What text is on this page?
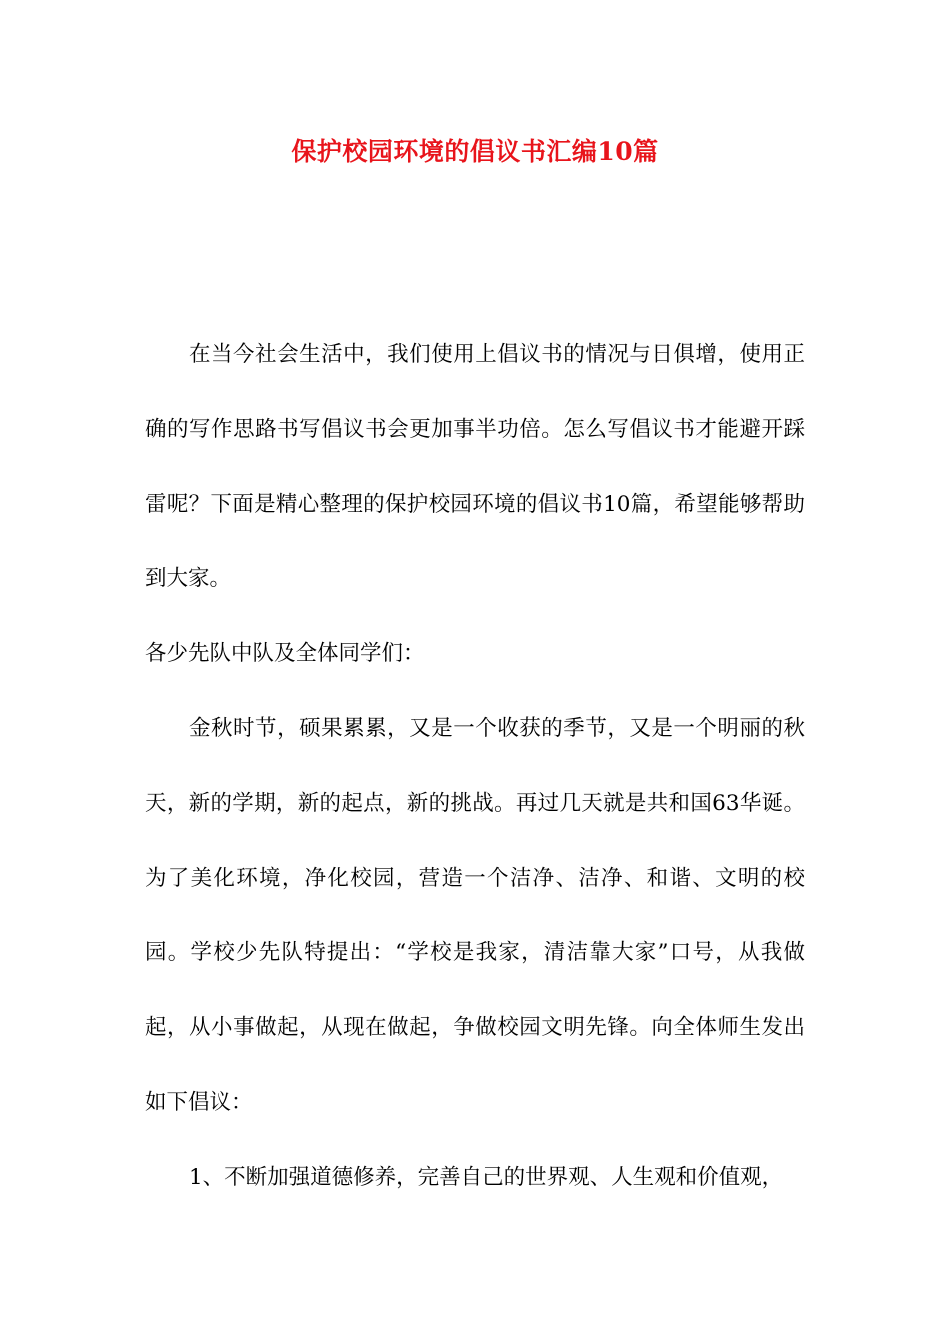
保护校园环境的倡议书汇编10篇

在当今社会生活中，我们使用上倡议书的情况与日俱增，使用正确的写作思路书写倡议书会更加事半功倍。怎么写倡议书才能避开踩雷呢？下面是精心整理的保护校园环境的倡议书10篇，希望能够帮助到大家。

各少先队中队及全体同学们：

金秋时节，硕果累累，又是一个收获的季节，又是一个明丽的秋天，新的学期，新的起点，新的挑战。再过几天就是共和国63华诞。为了美化环境，净化校园，营造一个洁净、洁净、和谐、文明的校园。学校少先队特提出：“学校是我家，清洁靠大家”口号，从我做起，从小事做起，从现在做起，争做校园文明先锋。向全体师生发出如下倡议：

1、不断加强道德修养，完善自己的世界观、人生观和价值观，
